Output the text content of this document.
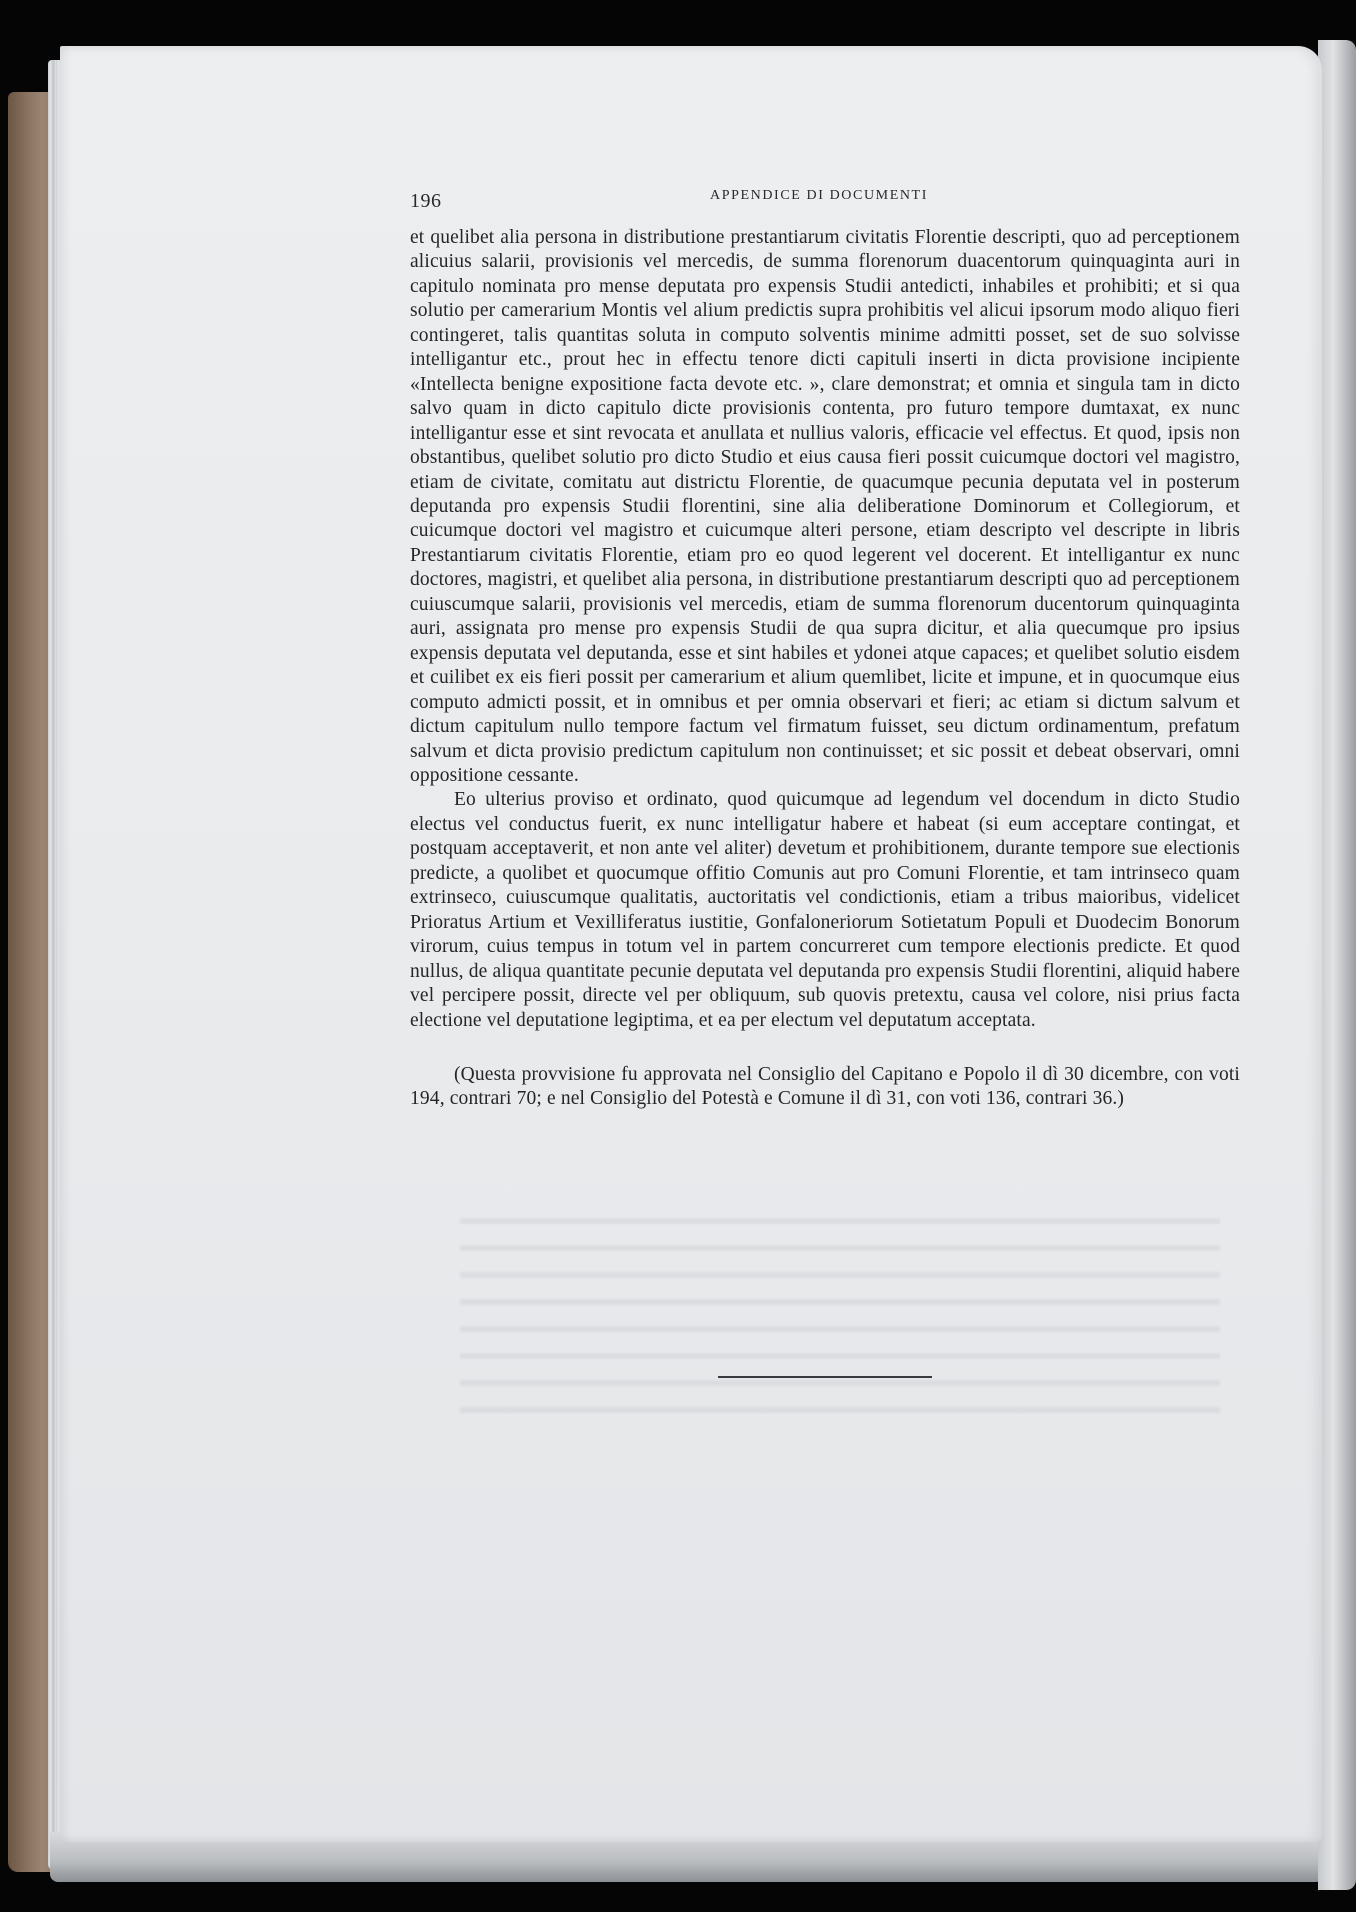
196	APPENDICE DI DOCUMENTI

et quelibet alia persona in distributione prestantiarum civitatis Florentie descripti, quo ad perceptionem alicuius salarii, provisionis vel mercedis, de summa florenorum duacentorum quinquaginta auri in capitulo nominata pro mense deputata pro expensis Studii antedicti, inhabiles et prohibiti; et si qua solutio per camerarium Montis vel alium predictis supra prohibitis vel alicui ipsorum modo aliquo fieri contingeret, talis quantitas soluta in computo solventis minime admitti posset, set de suo solvisse intelligantur etc., prout hec in effectu tenore dicti capituli inserti in dicta provisione incipiente «Intellecta benigne expositione facta devote etc. », clare demonstrat; et omnia et singula tam in dicto salvo quam in dicto capitulo dicte provisionis contenta, pro futuro tempore dumtaxat, ex nunc intelligantur esse et sint revocata et anullata et nullius valoris, efficacie vel effectus. Et quod, ipsis non obstantibus, quelibet solutio pro dicto Studio et eius causa fieri possit cuicumque doctori vel magistro, etiam de civitate, comitatu aut districtu Florentie, de quacumque pecunia deputata vel in posterum deputanda pro expensis Studii florentini, sine alia deliberatione Dominorum et Collegiorum, et cuicumque doctori vel magistro et cuicumque alteri persone, etiam descripto vel descripte in libris Prestantiarum civitatis Florentie, etiam pro eo quod legerent vel docerent. Et intelligantur ex nunc doctores, magistri, et quelibet alia persona, in distributione prestantiarum descripti quo ad perceptionem cuiuscumque salarii, provisionis vel mercedis, etiam de summa florenorum ducentorum quinquaginta auri, assignata pro mense pro expensis Studii de qua supra dicitur, et alia quecumque pro ipsius expensis deputata vel deputanda, esse et sint habiles et ydonei atque capaces; et quelibet solutio eisdem et cuilibet ex eis fieri possit per camerarium et alium quemlibet, licite et impune, et in quocumque eius computo admicti possit, et in omnibus et per omnia observari et fieri; ac etiam si dictum salvum et dictum capitulum nullo tempore factum vel firmatum fuisset, seu dictum ordinamentum, prefatum salvum et dicta provisio predictum capitulum non continuisset; et sic possit et debeat observari, omni oppositione cessante.

Eo ulterius proviso et ordinato, quod quicumque ad legendum vel docendum in dicto Studio electus vel conductus fuerit, ex nunc intelligatur habere et habeat (si eum acceptare contingat, et postquam acceptaverit, et non ante vel aliter) devetum et prohibitionem, durante tempore sue electionis predicte, a quolibet et quocumque offitio Comunis aut pro Comuni Florentie, et tam intrinseco quam extrinseco, cuiuscumque qualitatis, auctoritatis vel condictionis, etiam a tribus maioribus, videlicet Prioratus Artium et Vexilliferatus iustitie, Gonfaloneriorum Sotietatum Populi et Duodecim Bonorum virorum, cuius tempus in totum vel in partem concurreret cum tempore electionis predicte. Et quod nullus, de aliqua quantitate pecunie deputata vel deputanda pro expensis Studii florentini, aliquid habere vel percipere possit, directe vel per obliquum, sub quovis pretextu, causa vel colore, nisi prius facta electione vel deputatione legiptima, et ea per electum vel deputatum acceptata.

(Questa provvisione fu approvata nel Consiglio del Capitano e Popolo il dì 30 dicembre, con voti 194, contrari 70; e nel Consiglio del Potestà e Comune il dì 31, con voti 136, contrari 36.)
